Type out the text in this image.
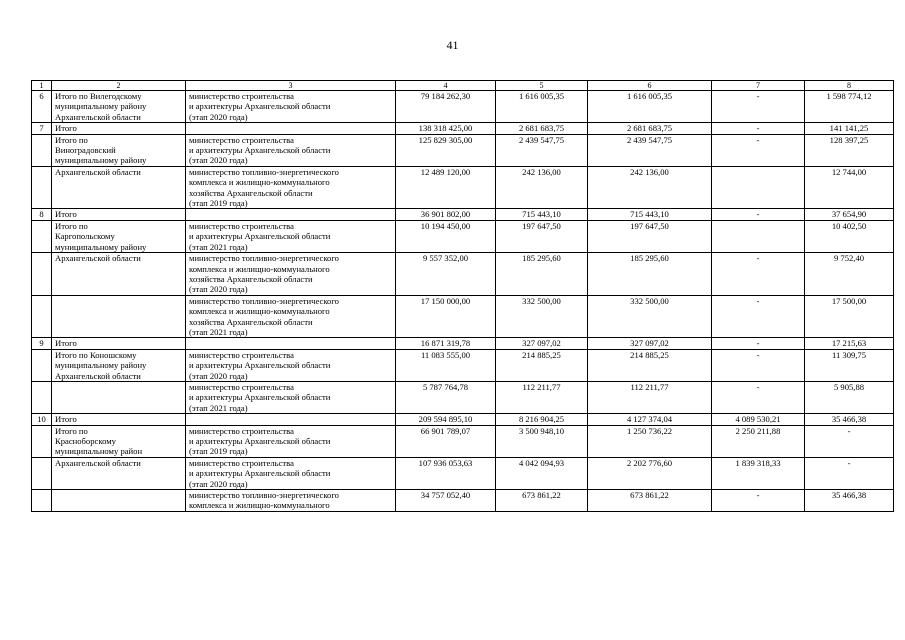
41
1	2	3	4	5	6	7	8
6	Итого по Вилегодскому
муниципальному району
Архангельской области	министерство строительства
и архитектуры Архангельской области
(этап 2020 года)	79 184 262,30	1 616 005,35	1 616 005,35	-	1 598 774,12
7	Итого		138 318 425,00	2 681 683,75	2 681 683,75	-	141 141,25
	Итого по
Виноградовский
муниципальному району	министерство строительства
и архитектуры Архангельской области
(этап 2020 года)	125 829 305,00	2 439 547,75	2 439 547,75	-	128 397,25
	Архангельской области	министерство топливно-энергетического
комплекса и жилищно-коммунального
хозяйства Архангельской области
(этап 2019 года)	12 489 120,00	242 136,00	242 136,00		12 744,00
8	Итого		36 901 802,00	715 443,10	715 443,10	-	37 654,90
	Итого по
Каргопольскому
муниципальному району	министерство строительства
и архитектуры Архангельской области
(этап 2021 года)	10 194 450,00	197 647,50	197 647,50		10 402,50
	Архангельской области	министерство топливно-энергетического
комплекса и жилищно-коммунального
хозяйства Архангельской области
(этап 2020 года)	9 557 352,00	185 295,60	185 295,60	-	9 752,40
		министерство топливно-энергетического
комплекса и жилищно-коммунального
хозяйства Архангельской области
(этап 2021 года)	17 150 000,00	332 500,00	332 500,00	-	17 500,00
9	Итого		16 871 319,78	327 097,02	327 097,02	-	17 215,63
	Итого по Коношскому
муниципальному району
Архангельской области	министерство строительства
и архитектуры Архангельской области
(этап 2020 года)	11 083 555,00	214 885,25	214 885,25	-	11 309,75
		министерство строительства
и архитектуры Архангельской области
(этап 2021 года)	5 787 764,78	112 211,77	112 211,77	-	5 905,88
10	Итого		209 594 895,10	8 216 904,25	4 127 374,04	4 089 530,21	35 466,38
	Итого по
Красноборскому
муниципальному район	министерство строительства
и архитектуры Архангельской области
(этап 2019 года)	66 901 789,07	3 500 948,10	1 250 736,22	2 250 211,88	-
	Архангельской области	министерство строительства
и архитектуры Архангельской области
(этап 2020 года)	107 936 053,63	4 042 094,93	2 202 776,60	1 839 318,33	-
		министерство топливно-энергетического
комплекса и жилищно-коммунального	34 757 052,40	673 861,22	673 861,22	-	35 466,38
